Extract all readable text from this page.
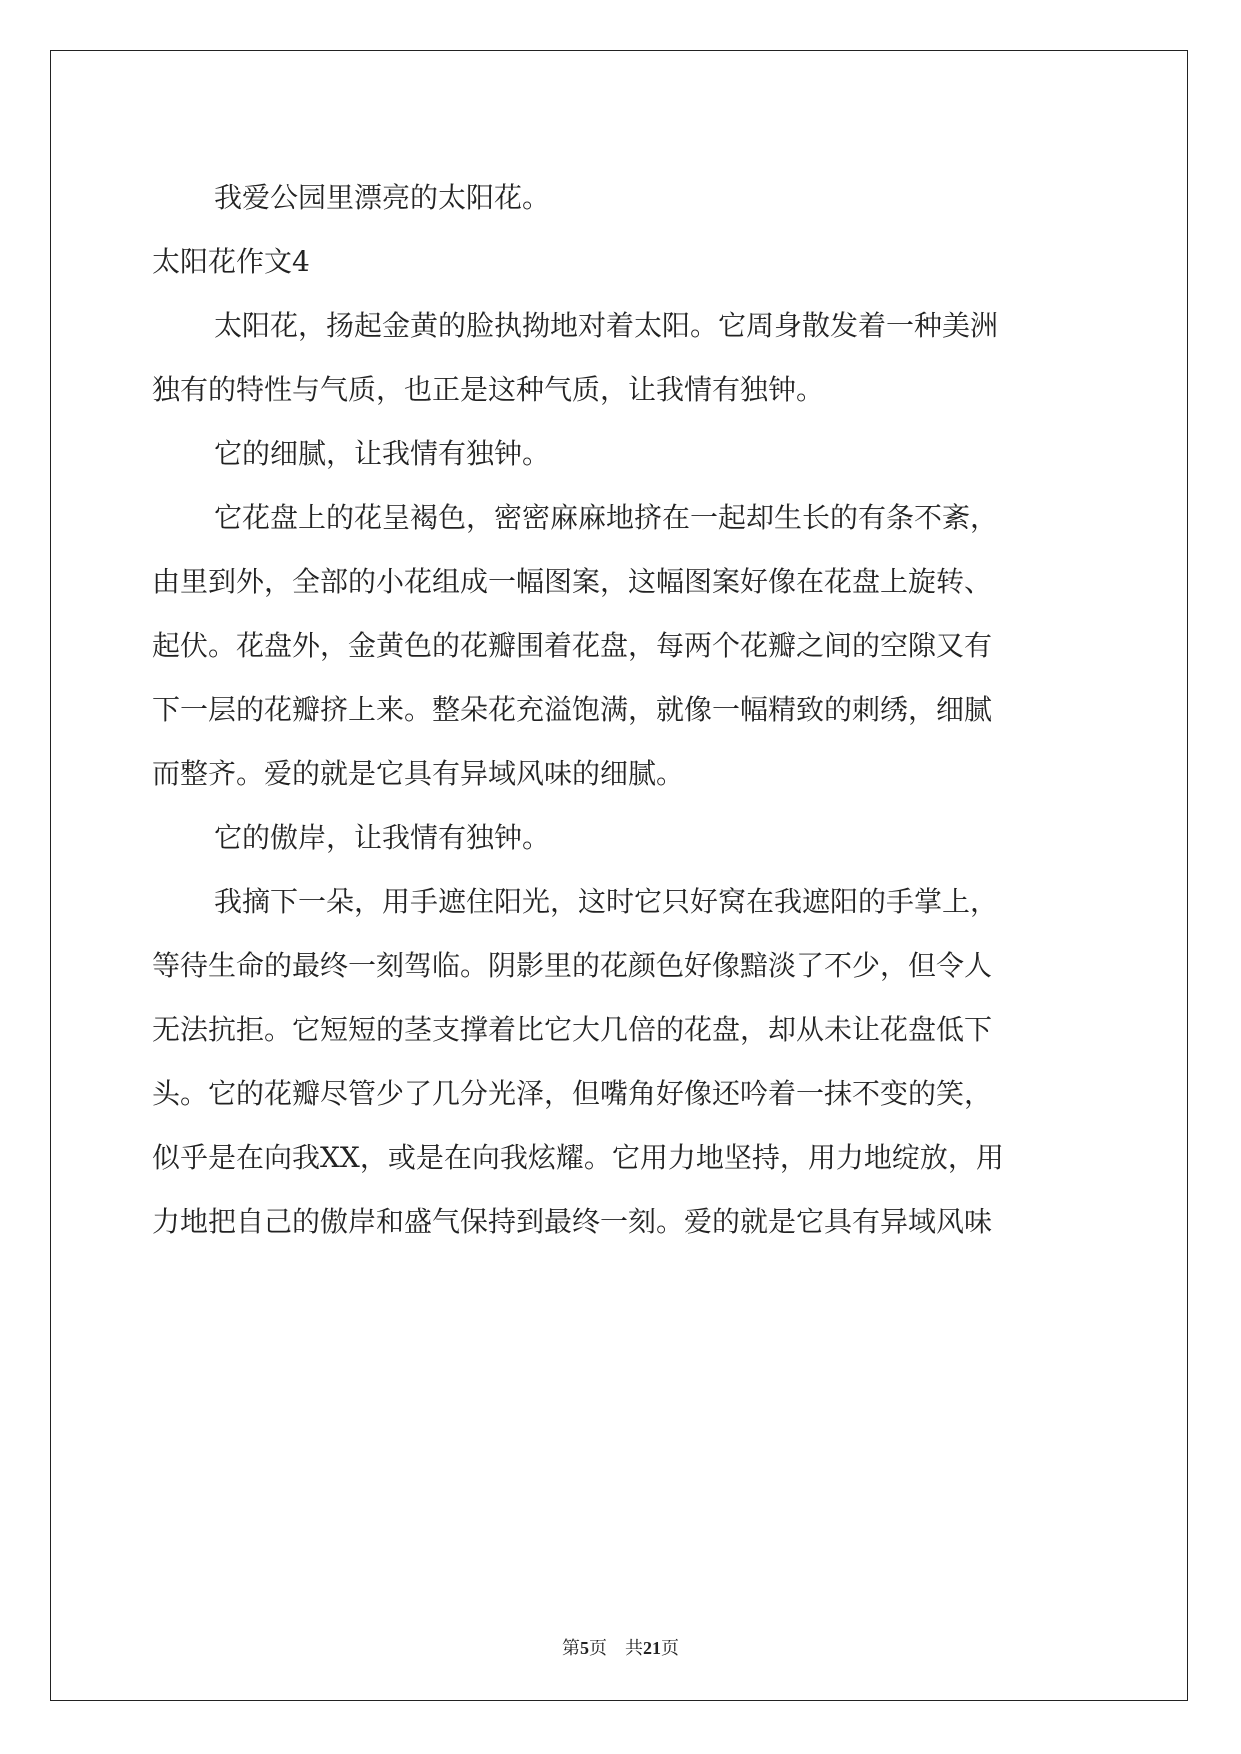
我爱公园里漂亮的太阳花。

太阳花作文4

太阳花，扬起金黄的脸执拗地对着太阳。它周身散发着一种美洲

独有的特性与气质，也正是这种气质，让我情有独钟。

它的细腻，让我情有独钟。

它花盘上的花呈褐色，密密麻麻地挤在一起却生长的有条不紊，

由里到外，全部的小花组成一幅图案，这幅图案好像在花盘上旋转、

起伏。花盘外，金黄色的花瓣围着花盘，每两个花瓣之间的空隙又有

下一层的花瓣挤上来。整朵花充溢饱满，就像一幅精致的刺绣，细腻

而整齐。爱的就是它具有异域风味的细腻。

它的傲岸，让我情有独钟。

我摘下一朵，用手遮住阳光，这时它只好窝在我遮阳的手掌上，

等待生命的最终一刻驾临。阴影里的花颜色好像黯淡了不少，但令人

无法抗拒。它短短的茎支撑着比它大几倍的花盘，却从未让花盘低下

头。它的花瓣尽管少了几分光泽，但嘴角好像还吟着一抹不变的笑，

似乎是在向我XX，或是在向我炫耀。它用力地坚持，用力地绽放，用

力地把自己的傲岸和盛气保持到最终一刻。爱的就是它具有异域风味

第5页　共21页
